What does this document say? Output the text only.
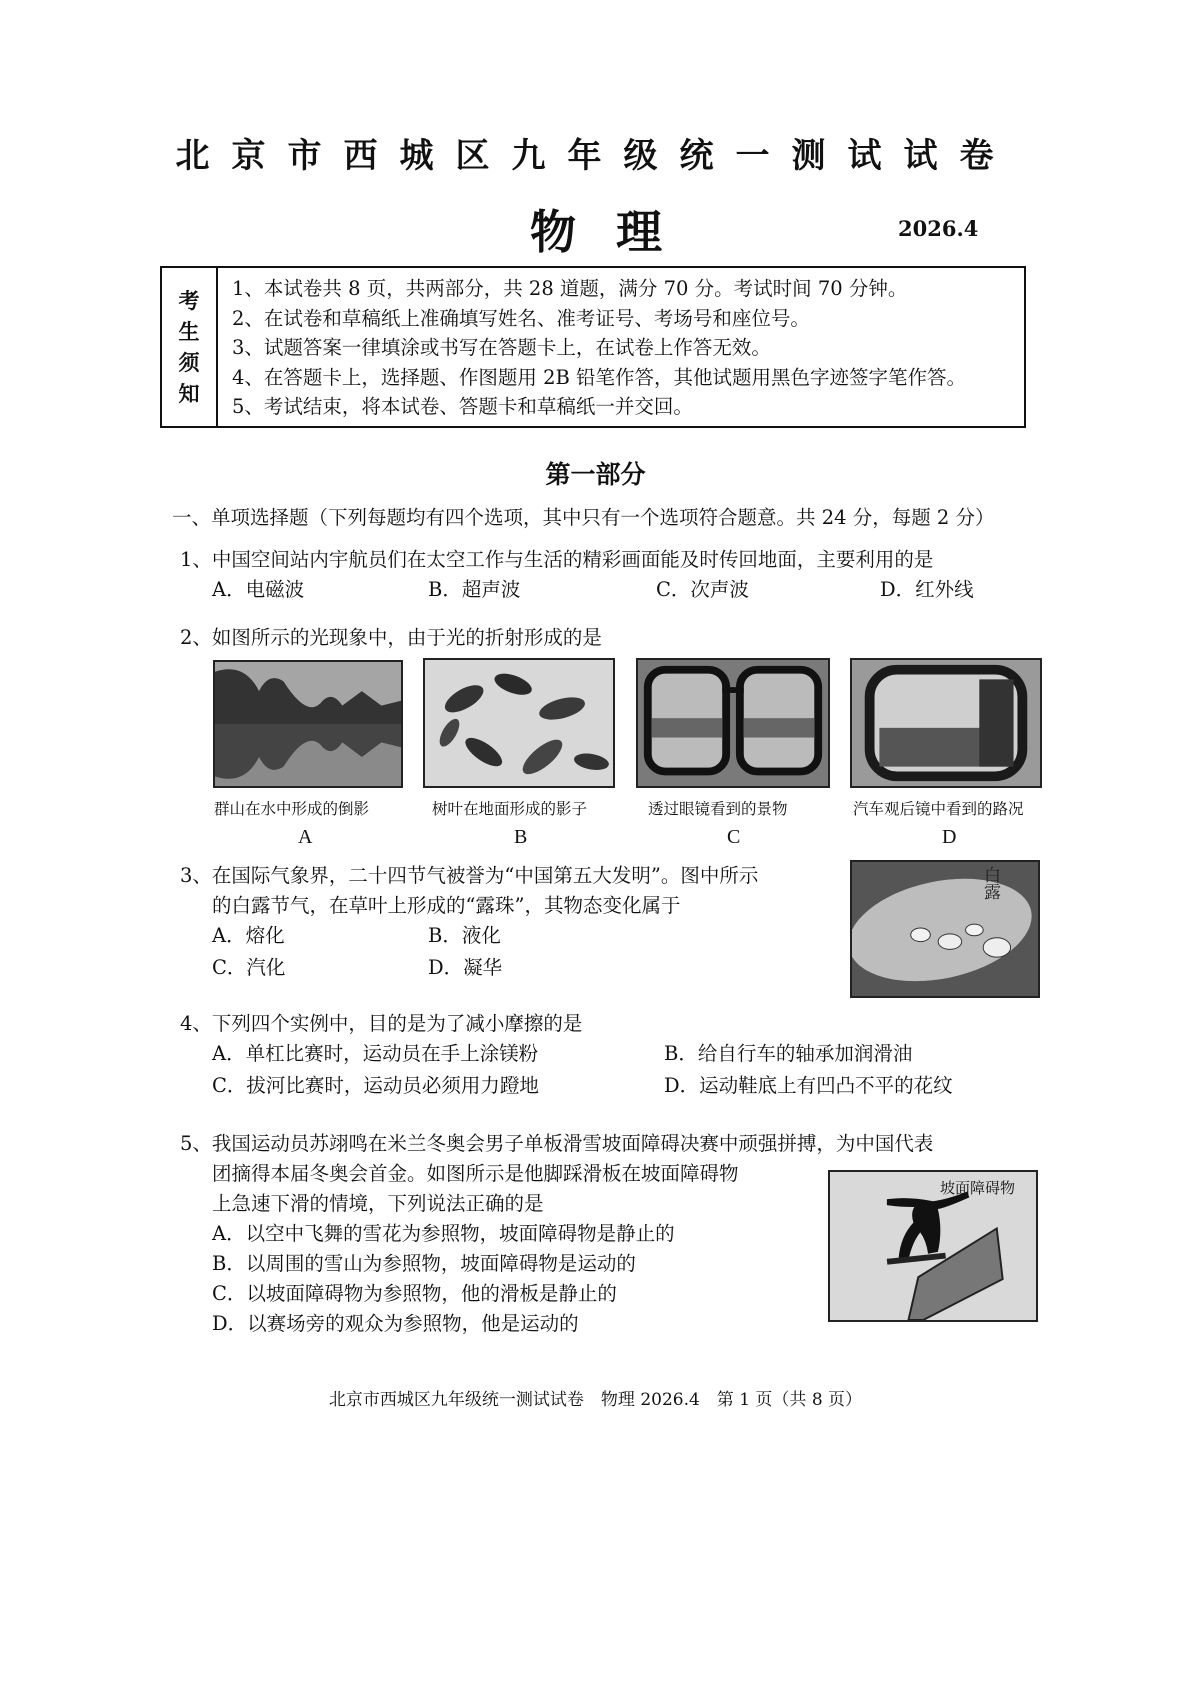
北京市西城区九年级统一测试试卷
物理	2026.4
考
生
须
知
1、本试卷共 8 页，共两部分，共 28 道题，满分 70 分。考试时间 70 分钟。
2、在试卷和草稿纸上准确填写姓名、准考证号、考场号和座位号。
3、试题答案一律填涂或书写在答题卡上，在试卷上作答无效。
4、在答题卡上，选择题、作图题用 2B 铅笔作答，其他试题用黑色字迹签字笔作答。
5、考试结束，将本试卷、答题卡和草稿纸一并交回。
第一部分
一、单项选择题（下列每题均有四个选项，其中只有一个选项符合题意。共 24 分，每题 2 分）
1、中国空间站内宇航员们在太空工作与生活的精彩画面能及时传回地面，主要利用的是
A．电磁波	B．超声波	C．次声波	D．红外线
2、如图所示的光现象中，由于光的折射形成的是
群山在水中形成的倒影	树叶在地面形成的影子	透过眼镜看到的景物	汽车观后镜中看到的路况
A	B	C	D
3、在国际气象界，二十四节气被誉为“中国第五大发明”。图中所示
的白露节气，在草叶上形成的“露珠”，其物态变化属于
A．熔化	B．液化
C．汽化	D．凝华
白露
4、下列四个实例中，目的是为了减小摩擦的是
A．单杠比赛时，运动员在手上涂镁粉	B．给自行车的轴承加润滑油
C．拔河比赛时，运动员必须用力蹬地	D．运动鞋底上有凹凸不平的花纹
5、我国运动员苏翊鸣在米兰冬奥会男子单板滑雪坡面障碍决赛中顽强拼搏，为中国代表
团摘得本届冬奥会首金。如图所示是他脚踩滑板在坡面障碍物
上急速下滑的情境，下列说法正确的是
A．以空中飞舞的雪花为参照物，坡面障碍物是静止的
B．以周围的雪山为参照物，坡面障碍物是运动的
C．以坡面障碍物为参照物，他的滑板是静止的
D．以赛场旁的观众为参照物，他是运动的
坡面障碍物
北京市西城区九年级统一测试试卷　物理 2026.4　第 1 页（共 8 页）
